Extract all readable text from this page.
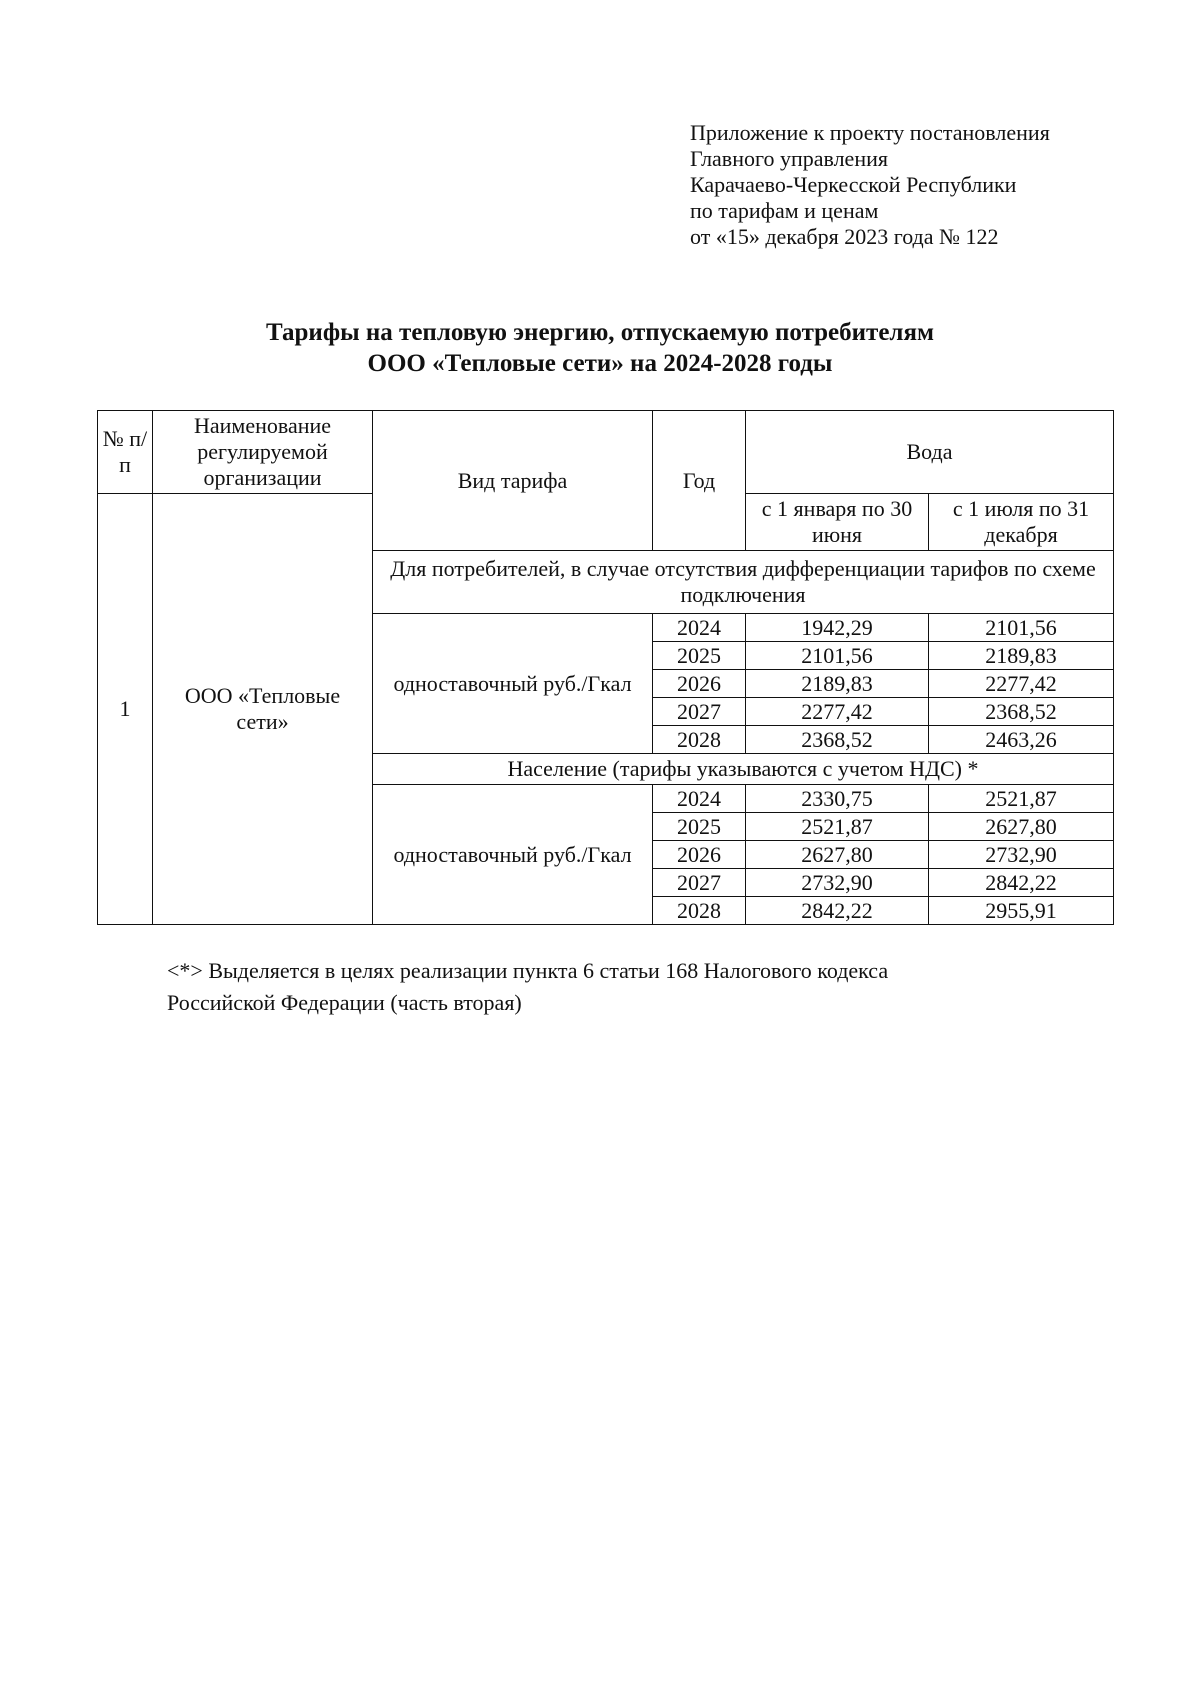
Приложение к проекту постановления
Главного управления
Карачаево-Черкесской Республики
по тарифам и ценам
от «15» декабря 2023 года № 122
Тарифы на тепловую энергию, отпускаемую потребителям
ООО «Тепловые сети» на 2024-2028 годы
№ п/п	Наименование регулируемой организации	Вид тарифа	Год	Вода	
1	ООО «Тепловые сети»			с 1 января по 30 июня	с 1 июля по 31 декабря
		Для потребителей, в случае отсутствия дифференциации тарифов по схеме подключения			
		одноставочный руб./Гкал	2024	1942,29	2101,56
			2025	2101,56	2189,83
			2026	2189,83	2277,42
			2027	2277,42	2368,52
			2028	2368,52	2463,26
		Население (тарифы указываются с учетом НДС) *			
		одноставочный руб./Гкал	2024	2330,75	2521,87
			2025	2521,87	2627,80
			2026	2627,80	2732,90
			2027	2732,90	2842,22
			2028	2842,22	2955,91
<*> Выделяется в целях реализации пункта 6 статьи 168 Налогового кодекса
Российской Федерации (часть вторая)
